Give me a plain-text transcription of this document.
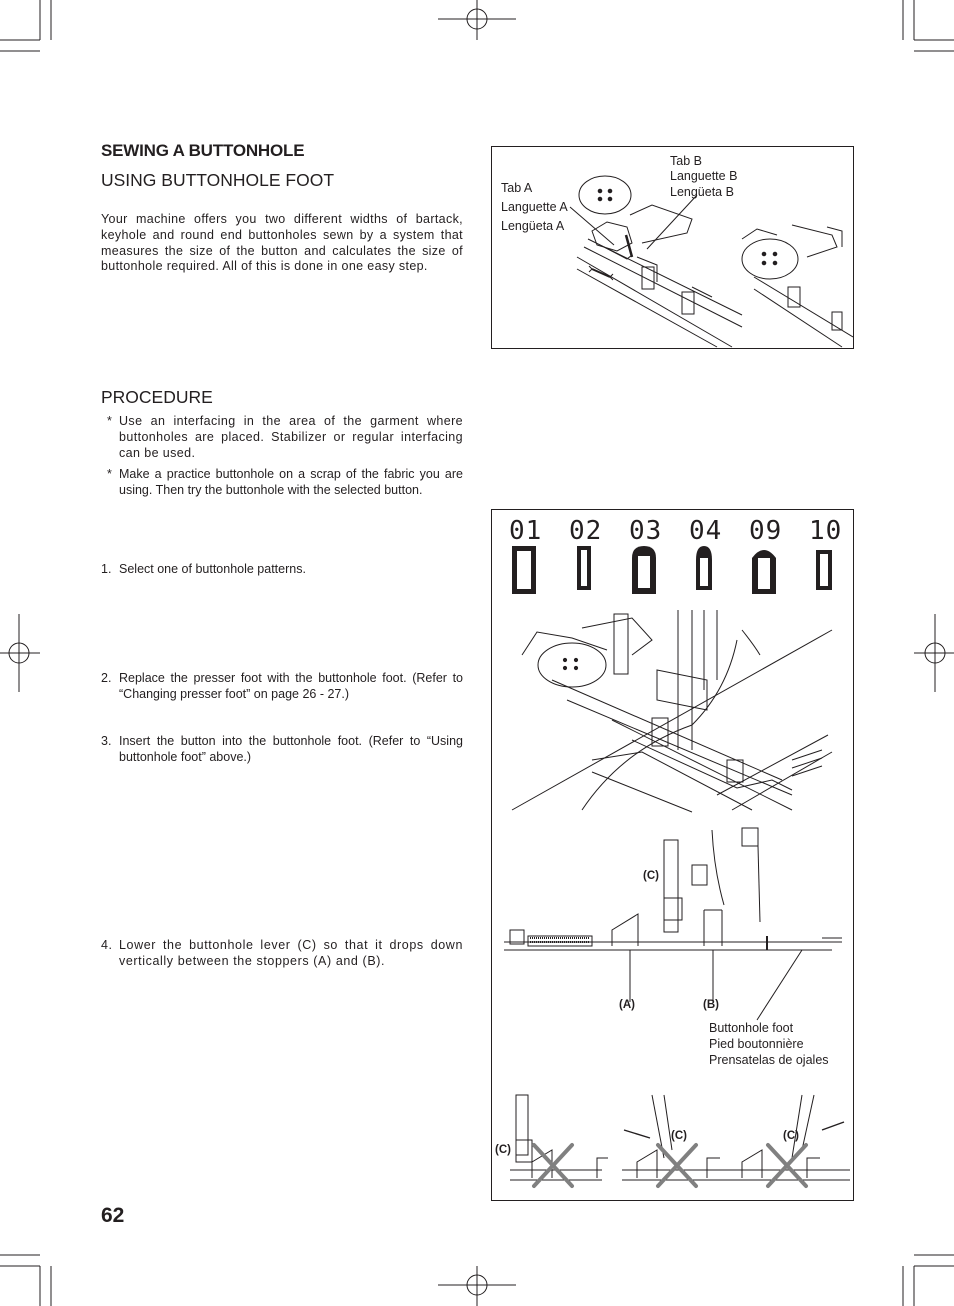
SEWING A BUTTONHOLE
USING BUTTONHOLE FOOT
Your machine offers you two different widths of bartack, keyhole and round end buttonholes sewn by a system that measures the size of the button and calculates the size of buttonhole required. All of this is done in one easy step.
Tab A
Languette A
Lengüeta A
Tab B
Languette B
Lengüeta B
PROCEDURE
* Use an interfacing in the area of the garment where buttonholes are placed. Stabilizer or regular interfacing can be used.
* Make a practice buttonhole on a scrap of the fabric you are using. Then try the buttonhole with the selected button.
1. Select one of buttonhole patterns.
2. Replace the presser foot with the buttonhole foot. (Refer to “Changing presser foot” on page 26 - 27.)
3. Insert the button into the buttonhole foot. (Refer to “Using buttonhole foot” above.)
4. Lower the buttonhole lever (C) so that it drops down vertically between the stoppers (A) and (B).
01 02 03 04 09 10
(C)
(A)	(B)
Buttonhole foot
Pied boutonnière
Prensatelas de ojales
(C)
(C)	(C)
62
